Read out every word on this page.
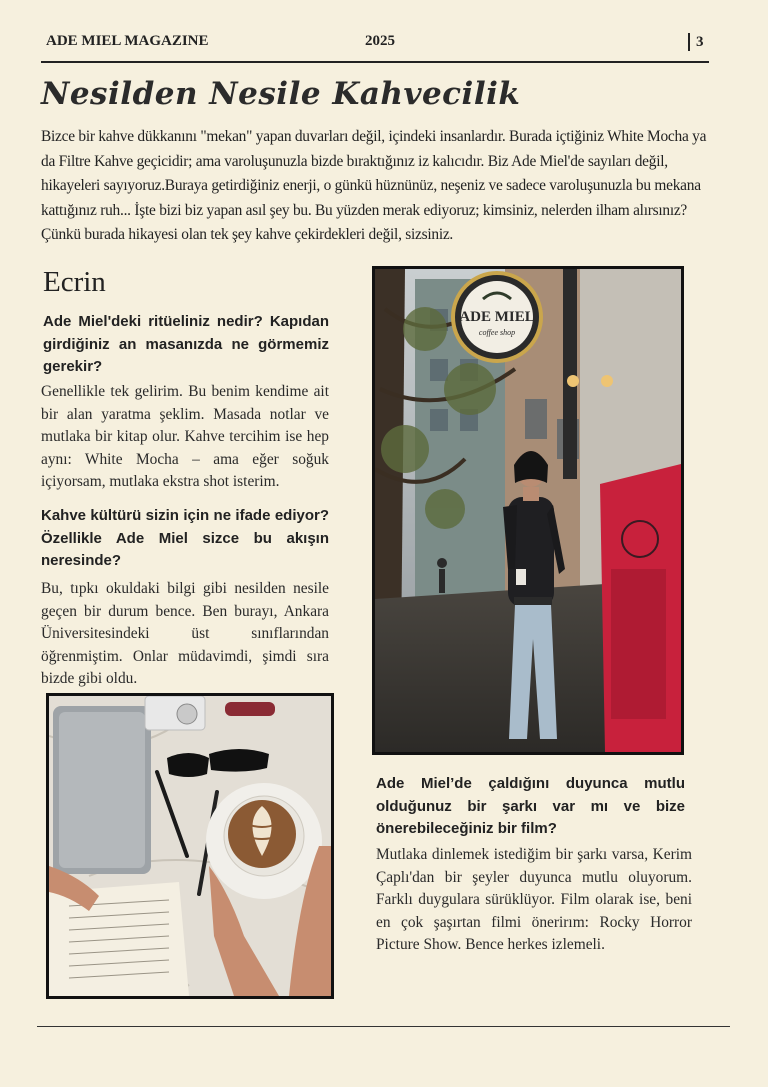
ADE MIEL MAGAZINE	2025	3
Nesilden Nesile Kahvecilik

Bizce bir kahve dükkanını "mekan" yapan duvarları değil, içindeki insanlardır. Burada içtiğiniz White Mocha ya da Filtre Kahve geçicidir; ama varoluşunuzla bizde bıraktığınız iz kalıcıdır. Biz Ade Miel'de sayıları değil, hikayeleri sayıyoruz.Buraya getirdiğiniz enerji, o günkü hüznünüz, neşeniz ve sadece varoluşunuzla bu mekana kattığınız ruh... İşte bizi biz yapan asıl şey bu. Bu yüzden merak ediyoruz; kimsiniz, nelerden ilham alırsınız? Çünkü burada hikayesi olan tek şey kahve çekirdekleri değil, sizsiniz.

Ecrin

Ade Miel'deki ritüeliniz nedir? Kapıdan girdiğiniz an masanızda ne görmemiz gerekir?

Genellikle tek gelirim. Bu benim kendime ait bir alan yaratma şeklim. Masada notlar ve mutlaka bir kitap olur. Kahve tercihim ise hep aynı: White Mocha – ama eğer soğuk içiyorsam, mutlaka ekstra shot isterim.

Kahve kültürü sizin için ne ifade ediyor? Özellikle Ade Miel sizce bu akışın neresinde?

Bu, tıpkı okuldaki bilgi gibi nesilden nesile geçen bir durum bence. Ben burayı, Ankara Üniversitesindeki üst sınıflarından öğrenmiştim. Onlar müdavimdi, şimdi sıra bizde gibi oldu.

ADE MIEL
coffee shop

Ade Miel’de çaldığını duyunca mutlu olduğunuz bir şarkı var mı ve bize önerebileceğiniz bir film?

Mutlaka dinlemek istediğim bir şarkı varsa, Kerim Çaplı'dan bir şeyler duyunca mutlu oluyorum. Farklı duygulara sürüklüyor. Film olarak ise, beni en çok şaşırtan filmi önerirım: Rocky Horror Picture Show. Bence herkes izlemeli.
